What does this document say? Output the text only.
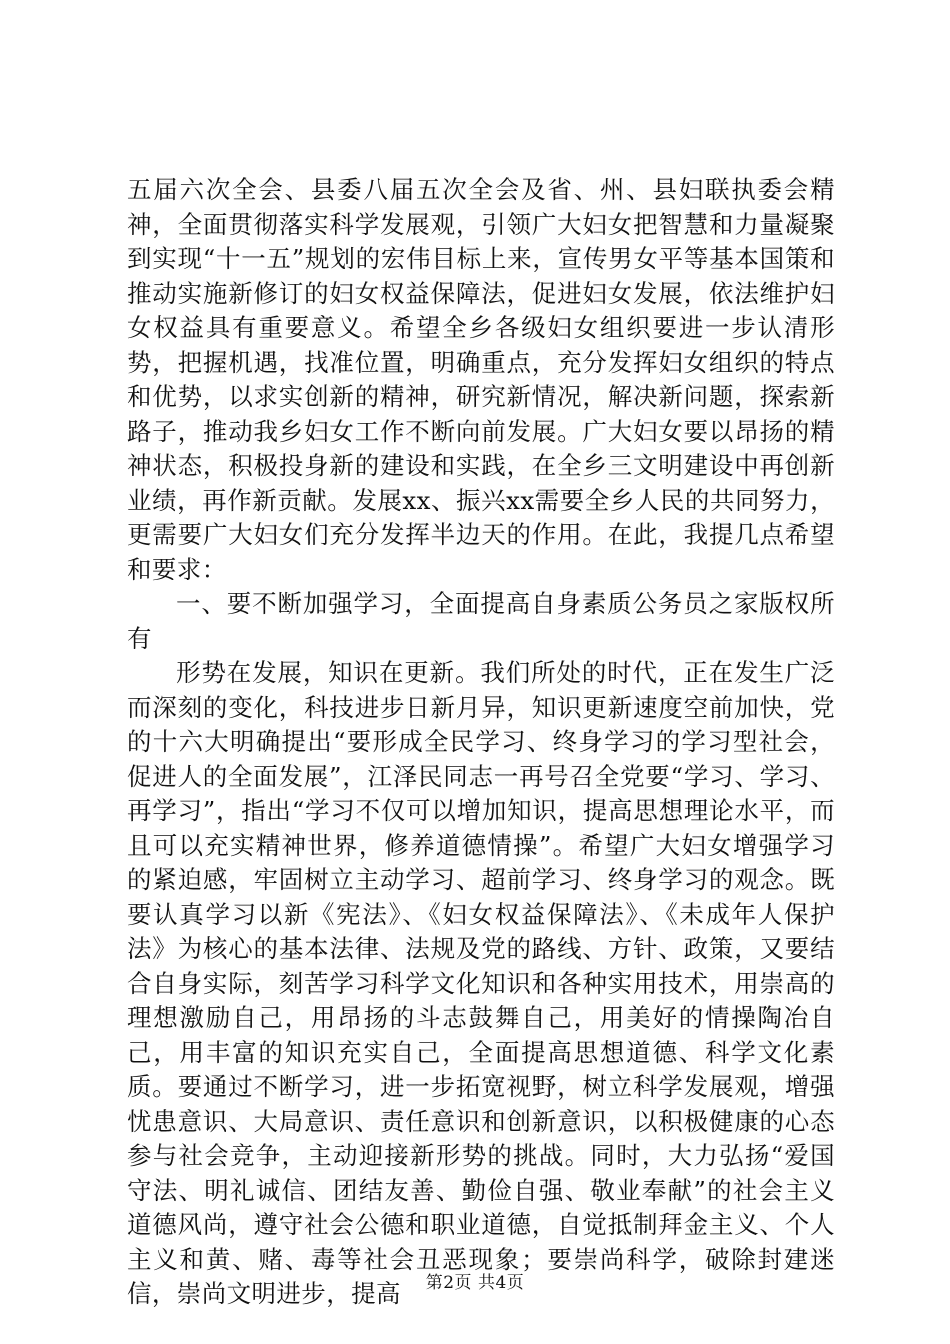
五届六次全会、县委八届五次全会及省、州、县妇联执委会精神，全面贯彻落实科学发展观，引领广大妇女把智慧和力量凝聚到实现“十一五”规划的宏伟目标上来，宣传男女平等基本国策和推动实施新修订的妇女权益保障法，促进妇女发展，依法维护妇女权益具有重要意义。希望全乡各级妇女组织要进一步认清形势，把握机遇，找准位置，明确重点，充分发挥妇女组织的特点和优势，以求实创新的精神，研究新情况，解决新问题，探索新路子，推动我乡妇女工作不断向前发展。广大妇女要以昂扬的精神状态，积极投身新的建设和实践，在全乡三文明建设中再创新业绩，再作新贡献。发展xx、振兴xx需要全乡人民的共同努力，更需要广大妇女们充分发挥半边天的作用。在此，我提几点希望和要求：

一、要不断加强学习，全面提高自身素质公务员之家版权所有

形势在发展，知识在更新。我们所处的时代，正在发生广泛而深刻的变化，科技进步日新月异，知识更新速度空前加快，党的十六大明确提出“要形成全民学习、终身学习的学习型社会，促进人的全面发展”，江泽民同志一再号召全党要“学习、学习、再学习”，指出“学习不仅可以增加知识，提高思想理论水平，而且可以充实精神世界，修养道德情操”。希望广大妇女增强学习的紧迫感，牢固树立主动学习、超前学习、终身学习的观念。既要认真学习以新《宪法》、《妇女权益保障法》、《未成年人保护法》为核心的基本法律、法规及党的路线、方针、政策，又要结合自身实际，刻苦学习科学文化知识和各种实用技术，用崇高的理想激励自己，用昂扬的斗志鼓舞自己，用美好的情操陶冶自己，用丰富的知识充实自己，全面提高思想道德、科学文化素质。要通过不断学习，进一步拓宽视野，树立科学发展观，增强忧患意识、大局意识、责任意识和创新意识，以积极健康的心态参与社会竞争，主动迎接新形势的挑战。同时，大力弘扬“爱国守法、明礼诚信、团结友善、勤俭自强、敬业奉献”的社会主义道德风尚，遵守社会公德和职业道德，自觉抵制拜金主义、个人主义和黄、赌、毒等社会丑恶现象；要崇尚科学，破除封建迷信，崇尚文明进步，提高	第2页 共4页
